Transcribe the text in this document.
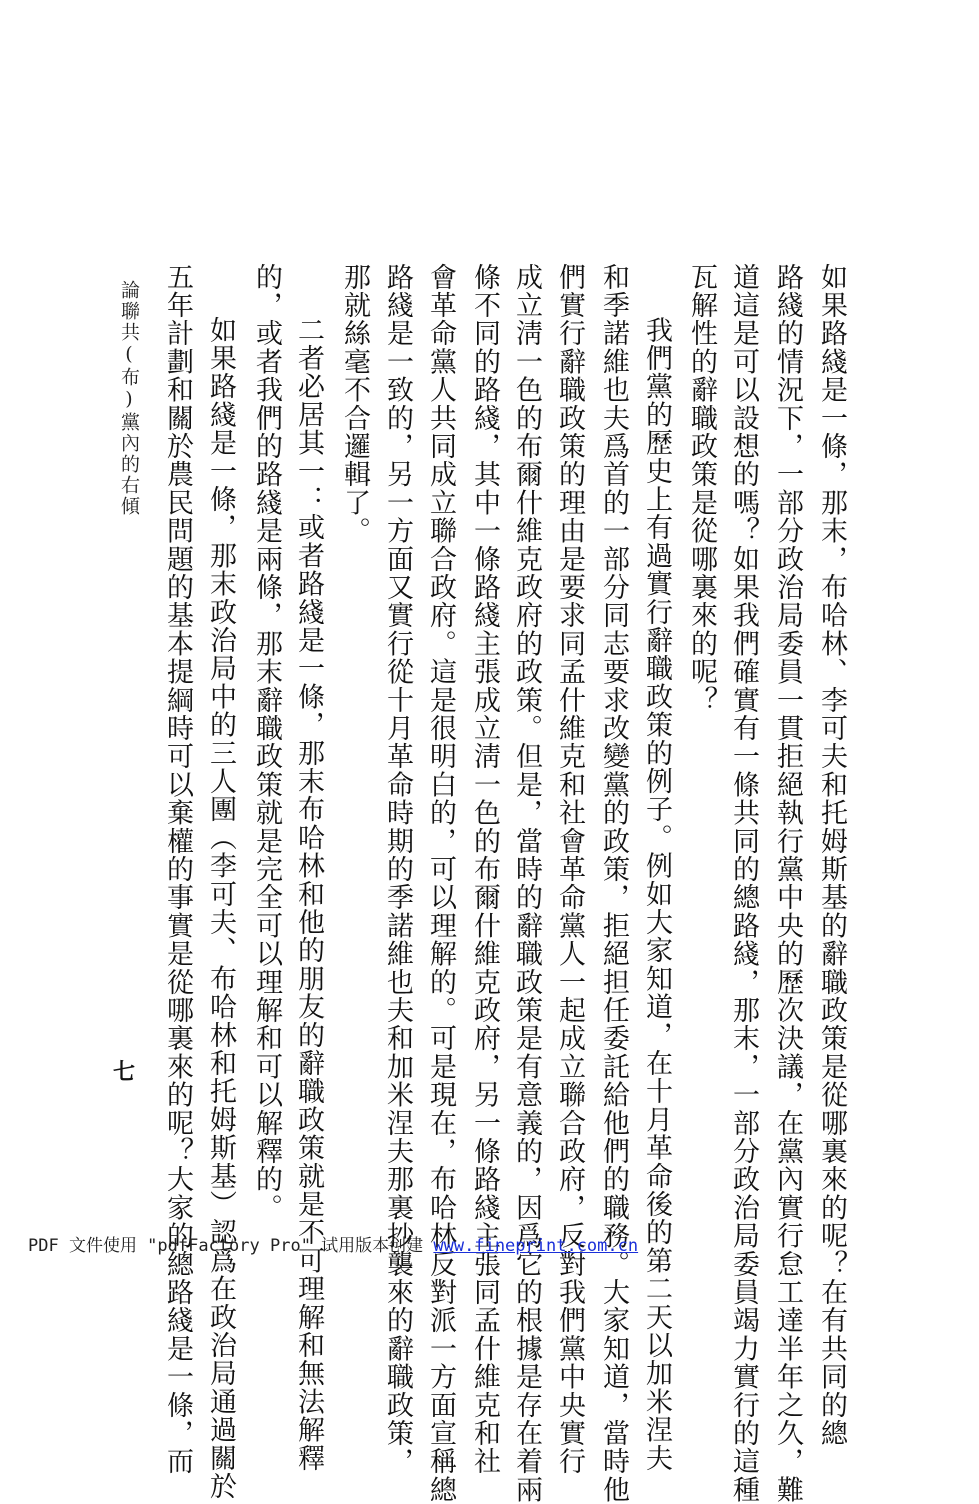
如果路綫是一條，那末，布哈林、李可夫和托姆斯基的辭職政策是從哪裏來的呢？在有共同的總
路綫的情況下，一部分政治局委員一貫拒絕執行黨中央的歷次決議，在黨內實行怠工達半年之久，難
道這是可以設想的嗎？如果我們確實有一條共同的總路綫，那末，一部分政治局委員竭力實行的這種
瓦解性的辭職政策是從哪裏來的呢？
我們黨的歷史上有過實行辭職政策的例子。例如大家知道，在十月革命後的第二天以加米涅夫
和季諾維也夫爲首的一部分同志要求改變黨的政策，拒絕担任委託給他們的職務。大家知道，當時他
們實行辭職政策的理由是要求同孟什維克和社會革命黨人一起成立聯合政府，反對我們黨中央實行
成立淸一色的布爾什維克政府的政策。但是，當時的辭職政策是有意義的，因爲它的根據是存在着兩
條不同的路綫，其中一條路綫主張成立淸一色的布爾什維克政府，另一條路綫主張同孟什維克和社
會革命黨人共同成立聯合政府。這是很明白的，可以理解的。可是現在，布哈林反對派一方面宣稱總
路綫是一致的，另一方面又實行從十月革命時期的季諾維也夫和加米涅夫那裏抄襲來的辭職政策，
那就絲毫不合邏輯了。
二者必居其一：或者路綫是一條，那末布哈林和他的朋友的辭職政策就是不可理解和無法解釋
的，或者我們的路綫是兩條，那末辭職政策就是完全可以理解和可以解釋的。
如果路綫是一條，那末政治局中的三人團（李可夫、布哈林和托姆斯基）認爲在政治局通過關於
五年計劃和關於農民問題的基本提綱時可以棄權的事實是從哪裏來的呢？大家的總路綫是一條，而
論聯共(布)黨內的右傾
七
PDF 文件使用 "pdfFactory Pro" 试用版本创建 www.fineprint.com.cn
